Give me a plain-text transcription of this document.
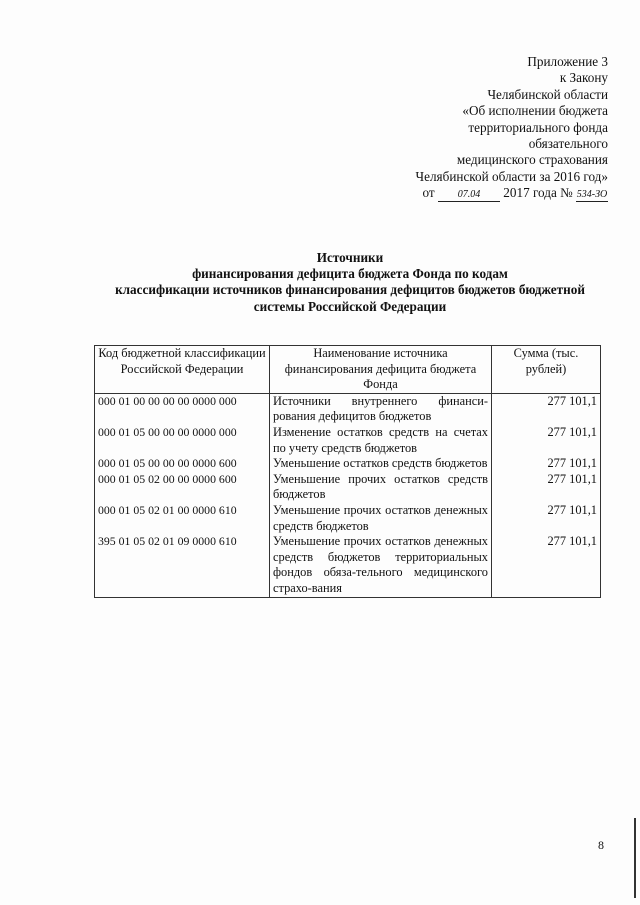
Приложение 3
к Закону
Челябинской области
«Об исполнении бюджета
территориального фонда
обязательного
медицинского страхования
Челябинской области за 2016 год»
от 07.04 2017 года № 534-ЗО
Источники
финансирования дефицита бюджета Фонда по кодам
классификации источников финансирования дефицитов бюджетов бюджетной
системы Российской Федерации
Код бюджетной классификации Российской Федерации	Наименование источника финансирования дефицита бюджета Фонда	Сумма (тыс. рублей)
000 01 00 00 00 00 0000 000	Источники внутреннего финанси-рования дефицитов бюджетов	277 101,1
000 01 05 00 00 00 0000 000	Изменение остатков средств на счетах по учету средств бюджетов	277 101,1
000 01 05 00 00 00 0000 600	Уменьшение остатков средств бюджетов	277 101,1
000 01 05 02 00 00 0000 600	Уменьшение прочих остатков средств бюджетов	277 101,1
000 01 05 02 01 00 0000 610	Уменьшение прочих остатков денежных средств бюджетов	277 101,1
395 01 05 02 01 09 0000 610	Уменьшение прочих остатков денежных средств бюджетов территориальных фондов обяза-тельного медицинского страхо-вания	277 101,1
8
